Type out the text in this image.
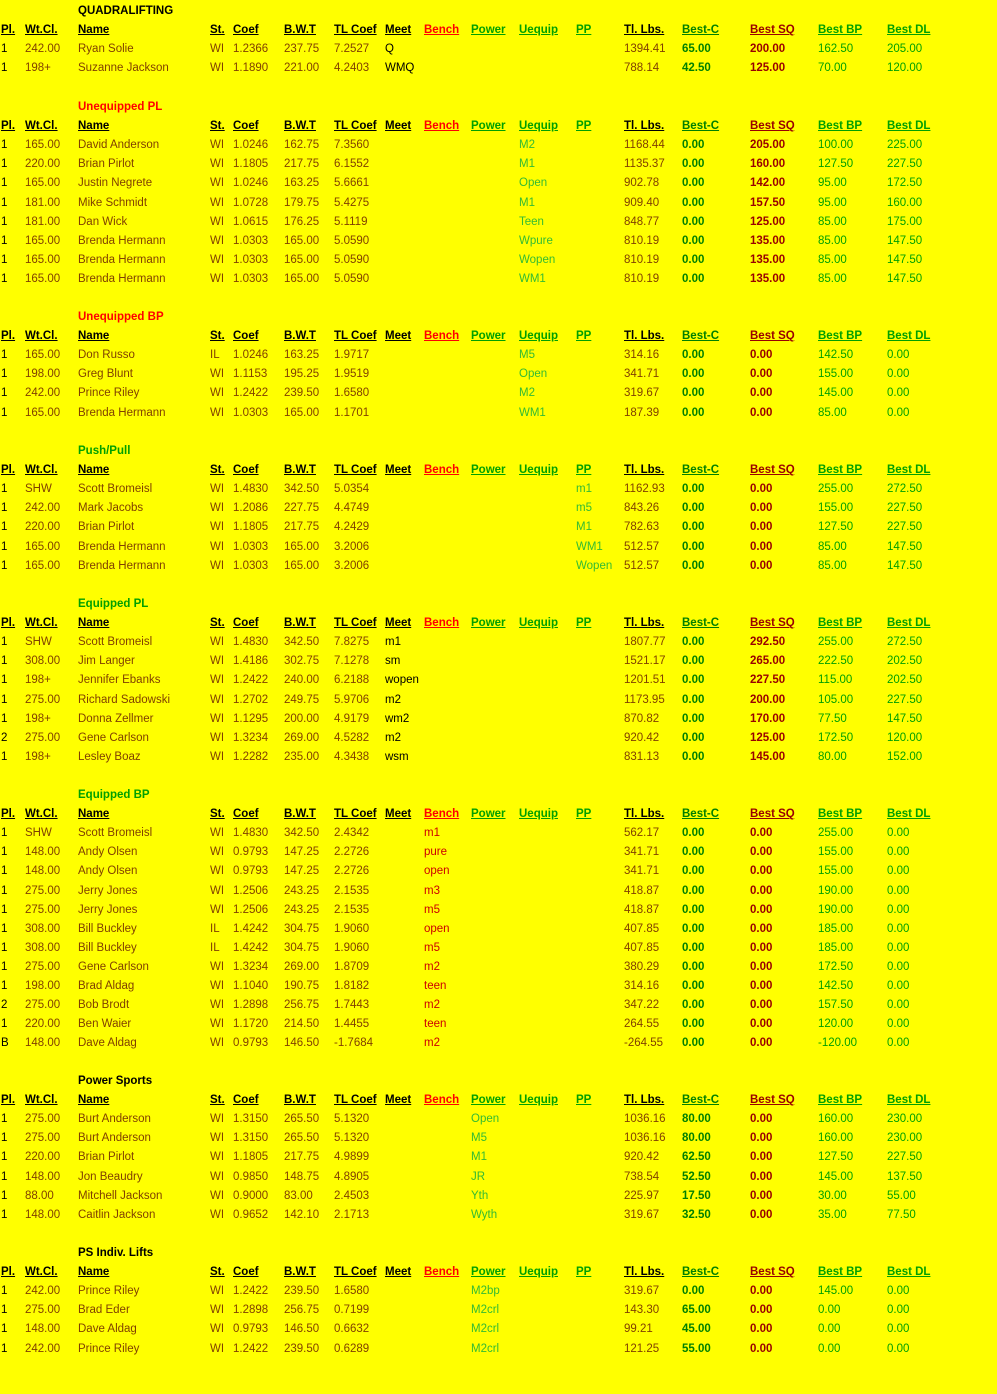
QUADRALIFTING
Pl. Wt.Cl. Name	St. Coef B.W.T TL Coef Meet Bench Power Uequip PP	Tl. Lbs. Best-C	Best SQ Best BP Best DL
1 242.00 Ryan Solie	WI 1.2366 237.75 7.2527 Q	1394.41 65.00	200.00	162.50	205.00
1 198+ Suzanne Jackson	WI 1.1890 221.00 4.2403 WMQ	788.14 42.50	125.00	70.00	120.00
Unequipped PL
Pl. Wt.Cl. Name	St. Coef B.W.T TL Coef Meet Bench Power Uequip PP	Tl. Lbs. Best-C	Best SQ Best BP Best DL
1 165.00 David Anderson	WI 1.0246 162.75 7.3560	M2	1168.44 0.00	205.00	100.00	225.00
1 220.00 Brian Pirlot	WI 1.1805 217.75 6.1552	M1	1135.37 0.00	160.00	127.50	227.50
1 165.00 Justin Negrete	WI 1.0246 163.25 5.6661	Open	902.78 0.00	142.00	95.00	172.50
1 181.00 Mike Schmidt	WI 1.0728 179.75 5.4275	M1	909.40 0.00	157.50	95.00	160.00
1 181.00 Dan Wick	WI 1.0615 176.25 5.1119	Teen	848.77 0.00	125.00	85.00	175.00
1 165.00 Brenda Hermann	WI 1.0303 165.00 5.0590	Wpure	810.19 0.00	135.00	85.00	147.50
1 165.00 Brenda Hermann	WI 1.0303 165.00 5.0590	Wopen	810.19 0.00	135.00	85.00	147.50
1 165.00 Brenda Hermann	WI 1.0303 165.00 5.0590	WM1	810.19 0.00	135.00	85.00	147.50
Unequipped BP
Pl. Wt.Cl. Name	St. Coef B.W.T TL Coef Meet Bench Power Uequip PP	Tl. Lbs. Best-C	Best SQ Best BP Best DL
1 165.00 Don Russo	IL 1.0246 163.25 1.9717	M5	314.16 0.00	0.00	142.50	0.00
1 198.00 Greg Blunt	WI 1.1153 195.25 1.9519	Open	341.71 0.00	0.00	155.00	0.00
1 242.00 Prince Riley	WI 1.2422 239.50 1.6580	M2	319.67 0.00	0.00	145.00	0.00
1 165.00 Brenda Hermann	WI 1.0303 165.00 1.1701	WM1	187.39 0.00	0.00	85.00	0.00
Push/Pull
Pl. Wt.Cl. Name	St. Coef B.W.T TL Coef Meet Bench Power Uequip PP	Tl. Lbs. Best-C	Best SQ Best BP Best DL
1 SHW Scott Bromeisl	WI 1.4830 342.50 5.0354	m1	1162.93 0.00	0.00	255.00	272.50
1 242.00 Mark Jacobs	WI 1.2086 227.75 4.4749	m5	843.26 0.00	0.00	155.00	227.50
1 220.00 Brian Pirlot	WI 1.1805 217.75 4.2429	M1	782.63 0.00	0.00	127.50	227.50
1 165.00 Brenda Hermann	WI 1.0303 165.00 3.2006	WM1 512.57 0.00	0.00	85.00	147.50
1 165.00 Brenda Hermann	WI 1.0303 165.00 3.2006	Wopen 512.57 0.00	0.00	85.00	147.50
Equipped PL
Pl. Wt.Cl. Name	St. Coef B.W.T TL Coef Meet Bench Power Uequip PP	Tl. Lbs. Best-C	Best SQ Best BP Best DL
1 SHW Scott Bromeisl	WI 1.4830 342.50 7.8275 m1	1807.77 0.00	292.50	255.00	272.50
1 308.00 Jim Langer	WI 1.4186 302.75 7.1278 sm	1521.17 0.00	265.00	222.50	202.50
1 198+ Jennifer Ebanks	WI 1.2422 240.00 6.2188 wopen	1201.51 0.00	227.50	115.00	202.50
1 275.00 Richard Sadowski	WI 1.2702 249.75 5.9706 m2	1173.95 0.00	200.00	105.00	227.50
1 198+ Donna Zellmer	WI 1.1295 200.00 4.9179 wm2	870.82 0.00	170.00	77.50	147.50
2 275.00 Gene Carlson	WI 1.3234 269.00 4.5282 m2	920.42 0.00	125.00	172.50	120.00
1 198+ Lesley Boaz	WI 1.2282 235.00 4.3438 wsm	831.13 0.00	145.00	80.00	152.00
Equipped BP
Pl. Wt.Cl. Name	St. Coef B.W.T TL Coef Meet Bench Power Uequip PP	Tl. Lbs. Best-C	Best SQ Best BP Best DL
1 SHW Scott Bromeisl	WI 1.4830 342.50 2.4342	m1	562.17 0.00	0.00	255.00	0.00
1 148.00 Andy Olsen	WI 0.9793 147.25 2.2726	pure	341.71 0.00	0.00	155.00	0.00
1 148.00 Andy Olsen	WI 0.9793 147.25 2.2726	open	341.71 0.00	0.00	155.00	0.00
1 275.00 Jerry Jones	WI 1.2506 243.25 2.1535	m3	418.87 0.00	0.00	190.00	0.00
1 275.00 Jerry Jones	WI 1.2506 243.25 2.1535	m5	418.87 0.00	0.00	190.00	0.00
1 308.00 Bill Buckley	IL 1.4242 304.75 1.9060	open	407.85 0.00	0.00	185.00	0.00
1 308.00 Bill Buckley	IL 1.4242 304.75 1.9060	m5	407.85 0.00	0.00	185.00	0.00
1 275.00 Gene Carlson	WI 1.3234 269.00 1.8709	m2	380.29 0.00	0.00	172.50	0.00
1 198.00 Brad Aldag	WI 1.1040 190.75 1.8182	teen	314.16 0.00	0.00	142.50	0.00
2 275.00 Bob Brodt	WI 1.2898 256.75 1.7443	m2	347.22 0.00	0.00	157.50	0.00
1 220.00 Ben Waier	WI 1.1720 214.50 1.4455	teen	264.55 0.00	0.00	120.00	0.00
B 148.00 Dave Aldag	WI 0.9793 146.50 -1.7684	m2	-264.55 0.00	0.00	-120.00	0.00
Power Sports
Pl. Wt.Cl. Name	St. Coef B.W.T TL Coef Meet Bench Power Uequip PP	Tl. Lbs. Best-C	Best SQ Best BP Best DL
1 275.00 Burt Anderson	WI 1.3150 265.50 5.1320	Open	1036.16 80.00	0.00	160.00	230.00
1 275.00 Burt Anderson	WI 1.3150 265.50 5.1320	M5	1036.16 80.00	0.00	160.00	230.00
1 220.00 Brian Pirlot	WI 1.1805 217.75 4.9899	M1	920.42 62.50	0.00	127.50	227.50
1 148.00 Jon Beaudry	WI 0.9850 148.75 4.8905	JR	738.54 52.50	0.00	145.00	137.50
1 88.00 Mitchell Jackson	WI 0.9000 83.00 2.4503	Yth	225.97 17.50	0.00	30.00	55.00
1 148.00 Caitlin Jackson	WI 0.9652 142.10 2.1713	Wyth	319.67 32.50	0.00	35.00	77.50
PS Indiv. Lifts
Pl. Wt.Cl. Name	St. Coef B.W.T TL Coef Meet Bench Power Uequip PP	Tl. Lbs. Best-C	Best SQ Best BP Best DL
1 242.00 Prince Riley	WI 1.2422 239.50 1.6580	M2bp	319.67 0.00	0.00	145.00	0.00
1 275.00 Brad Eder	WI 1.2898 256.75 0.7199	M2crl	143.30 65.00	0.00	0.00	0.00
1 148.00 Dave Aldag	WI 0.9793 146.50 0.6632	M2crl	99.21	45.00	0.00	0.00	0.00
1 242.00 Prince Riley	WI 1.2422 239.50 0.6289	M2crl	121.25 55.00	0.00	0.00	0.00
